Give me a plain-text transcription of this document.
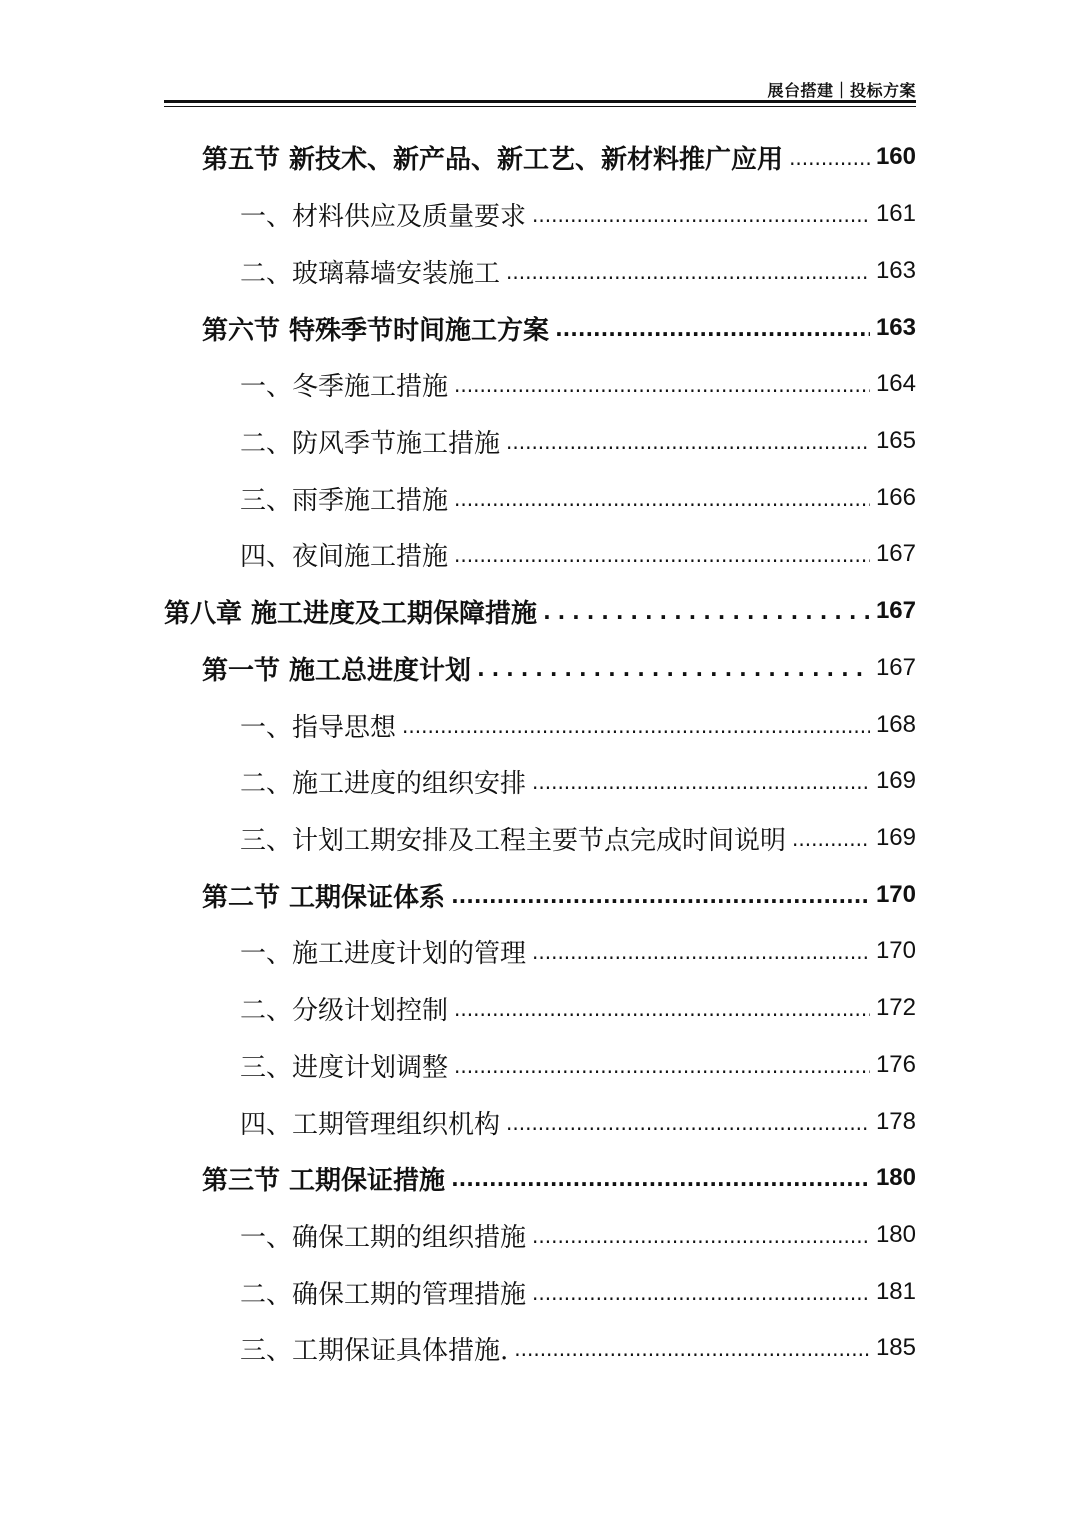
展台搭建｜投标方案
第五节 新技术、新产品、新工艺、新材料推广应用 .....	160
一、材料供应及质量要求 .....	161
二、玻璃幕墙安装施工 .....	163
第六节 特殊季节时间施工方案 .....	163
一、冬季施工措施 .....	164
二、防风季节施工措施 .....	165
三、雨季施工措施 .....	166
四、夜间施工措施 .....	167
第八章 施工进度及工期保障措施 . . .	167
第一节 施工总进度计划 . . .	167
一、指导思想 .....	168
二、施工进度的组织安排 .....	169
三、计划工期安排及工程主要节点完成时间说明 .....	169
第二节 工期保证体系 .....	170
一、施工进度计划的管理 .....	170
二、分级计划控制 .....	172
三、进度计划调整 .....	176
四、工期管理组织机构 .....	178
第三节 工期保证措施 .....	180
一、确保工期的组织措施 .....	180
二、确保工期的管理措施 .....	181
三、工期保证具体措施. .....	185
